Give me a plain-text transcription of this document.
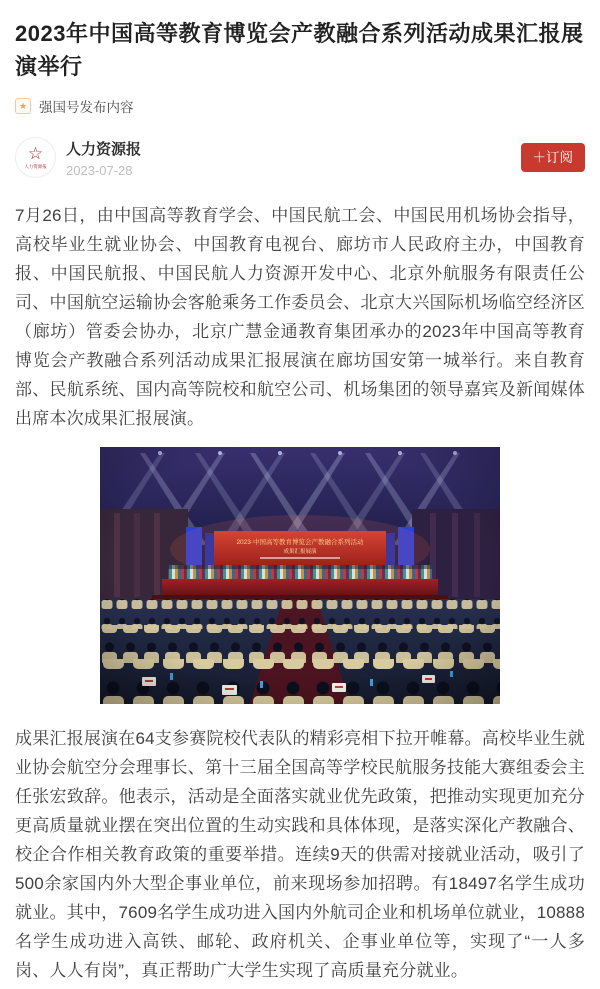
2023年中国高等教育博览会产教融合系列活动成果汇报展演举行
★ 强国号发布内容
☆
人力资源报
人力资源报
2023-07-28
＋订阅

7月26日，由中国高等教育学会、中国民航工会、中国民用机场协会指导，高校毕业生就业协会、中国教育电视台、廊坊市人民政府主办，中国教育报、中国民航报、中国民航人力资源开发中心、北京外航服务有限责任公司、中国航空运输协会客舱乘务工作委员会、北京大兴国际机场临空经济区（廊坊）管委会协办，北京广慧金通教育集团承办的2023年中国高等教育博览会产教融合系列活动成果汇报展演在廊坊国安第一城举行。来自教育部、民航系统、国内高等院校和航空公司、机场集团的领导嘉宾及新闻媒体出席本次成果汇报展演。

成果汇报展演在64支参赛院校代表队的精彩亮相下拉开帷幕。高校毕业生就业协会航空分会理事长、第十三届全国高等学校民航服务技能大赛组委会主任张宏致辞。他表示，活动是全面落实就业优先政策，把推动实现更加充分更高质量就业摆在突出位置的生动实践和具体体现，是落实深化产教融合、校企合作相关教育政策的重要举措。连续9天的供需对接就业活动，吸引了500余家国内外大型企事业单位，前来现场参加招聘。有18497名学生成功就业。其中，7609名学生成功进入国内外航司企业和机场单位就业，10888名学生成功进入高铁、邮轮、政府机关、企事业单位等，实现了“一人多岗、人人有岗”，真正帮助广大学生实现了高质量充分就业。
